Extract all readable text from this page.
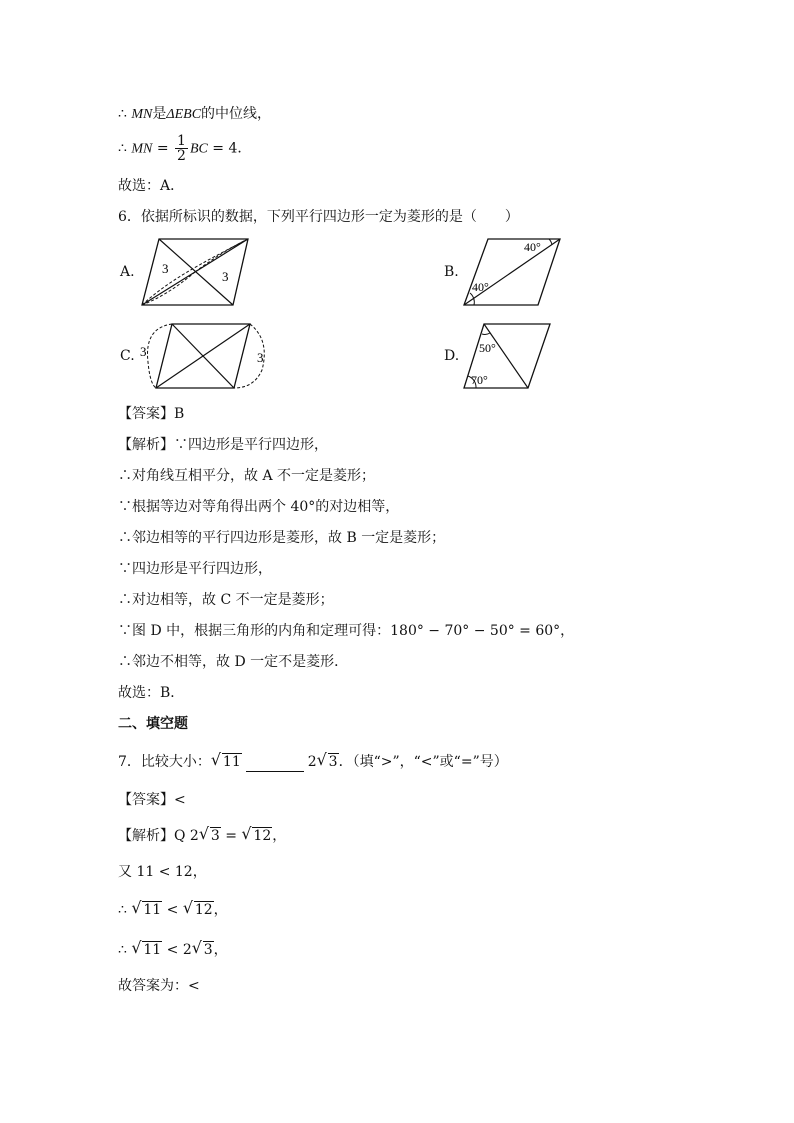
∴ MN是ΔEBC的中位线，
∴ MN = $\frac{1}{2}$ BC = 4．
故选：A．
6．依据所标识的数据，下列平行四边形一定为菱形的是（　　）
A. 3
3	B.
40°
40°
C. 3	3	D. 50°
70°
【答案】B
【解析】∵四边形是平行四边形，
∴对角线互相平分，故 A 不一定是菱形；
∵根据等边对等角得出两个 40°的对边相等，
∴邻边相等的平行四边形是菱形，故 B 一定是菱形；
∵四边形是平行四边形，
∴对边相等，故 C 不一定是菱形；
∵图 D 中，根据三角形的内角和定理可得：180° − 70° − 50° = 60°，
∴邻边不相等，故 D 一定不是菱形．
故选：B．
二、填空题
7．比较大小： √ 11	2 √ 3．（填“>”，“<”或“=”号）
【答案】<
【解析】Q 2 √ 3 = √ 12，
又 11 < 12，
∴ √ 11 < √ 12，
∴ √ 11 < 2 √ 3，
故答案为：<
